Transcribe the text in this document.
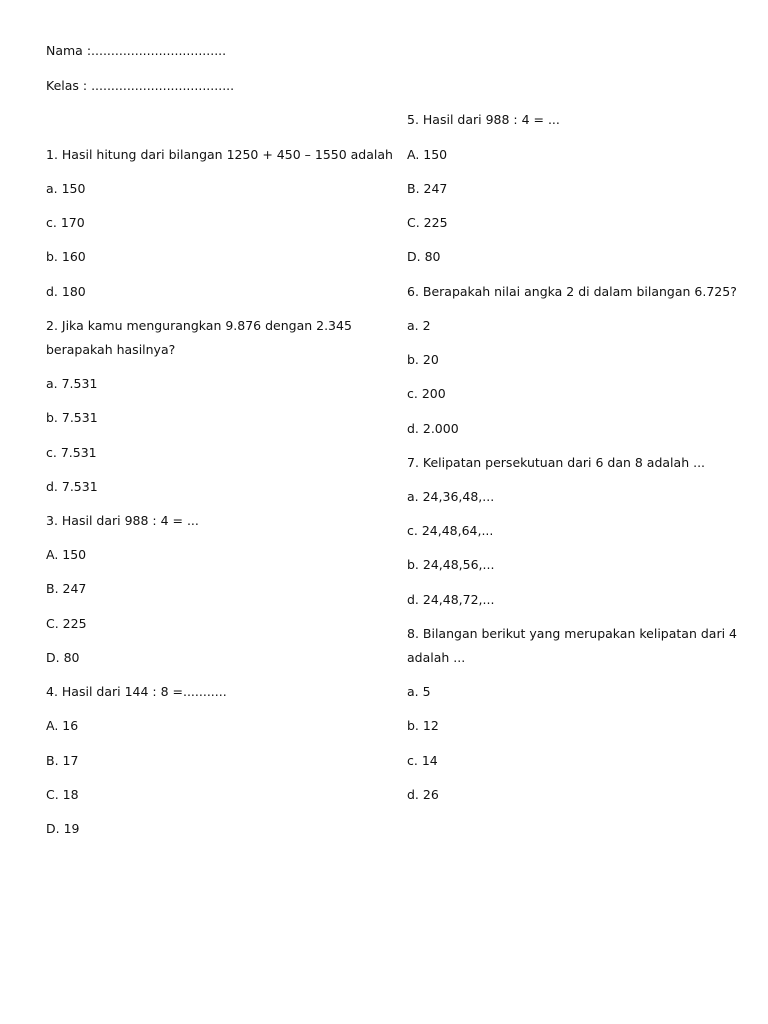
Nama :..................................
Kelas : ....................................
1. Hasil hitung dari bilangan 1250 + 450 – 1550 adalah
a. 150
c. 170
b. 160
d. 180
2. Jika kamu mengurangkan 9.876 dengan 2.345
berapakah hasilnya?
a. 7.531
b. 7.531
c. 7.531
d. 7.531
3. Hasil dari 988 : 4 = ...
A. 150
B. 247
C. 225
D. 80
4. Hasil dari 144 : 8 =...........
A. 16
B. 17
C. 18
D. 19
5. Hasil dari 988 : 4 = ...
A. 150
B. 247
C. 225
D. 80
6. Berapakah nilai angka 2 di dalam bilangan 6.725?
a. 2
b. 20
c. 200
d. 2.000
7. Kelipatan persekutuan dari 6 dan 8 adalah ...
a. 24,36,48,...
c. 24,48,64,...
b. 24,48,56,...
d. 24,48,72,...
8. Bilangan berikut yang merupakan kelipatan dari 4
adalah ...
a. 5
b. 12
c. 14
d. 26
